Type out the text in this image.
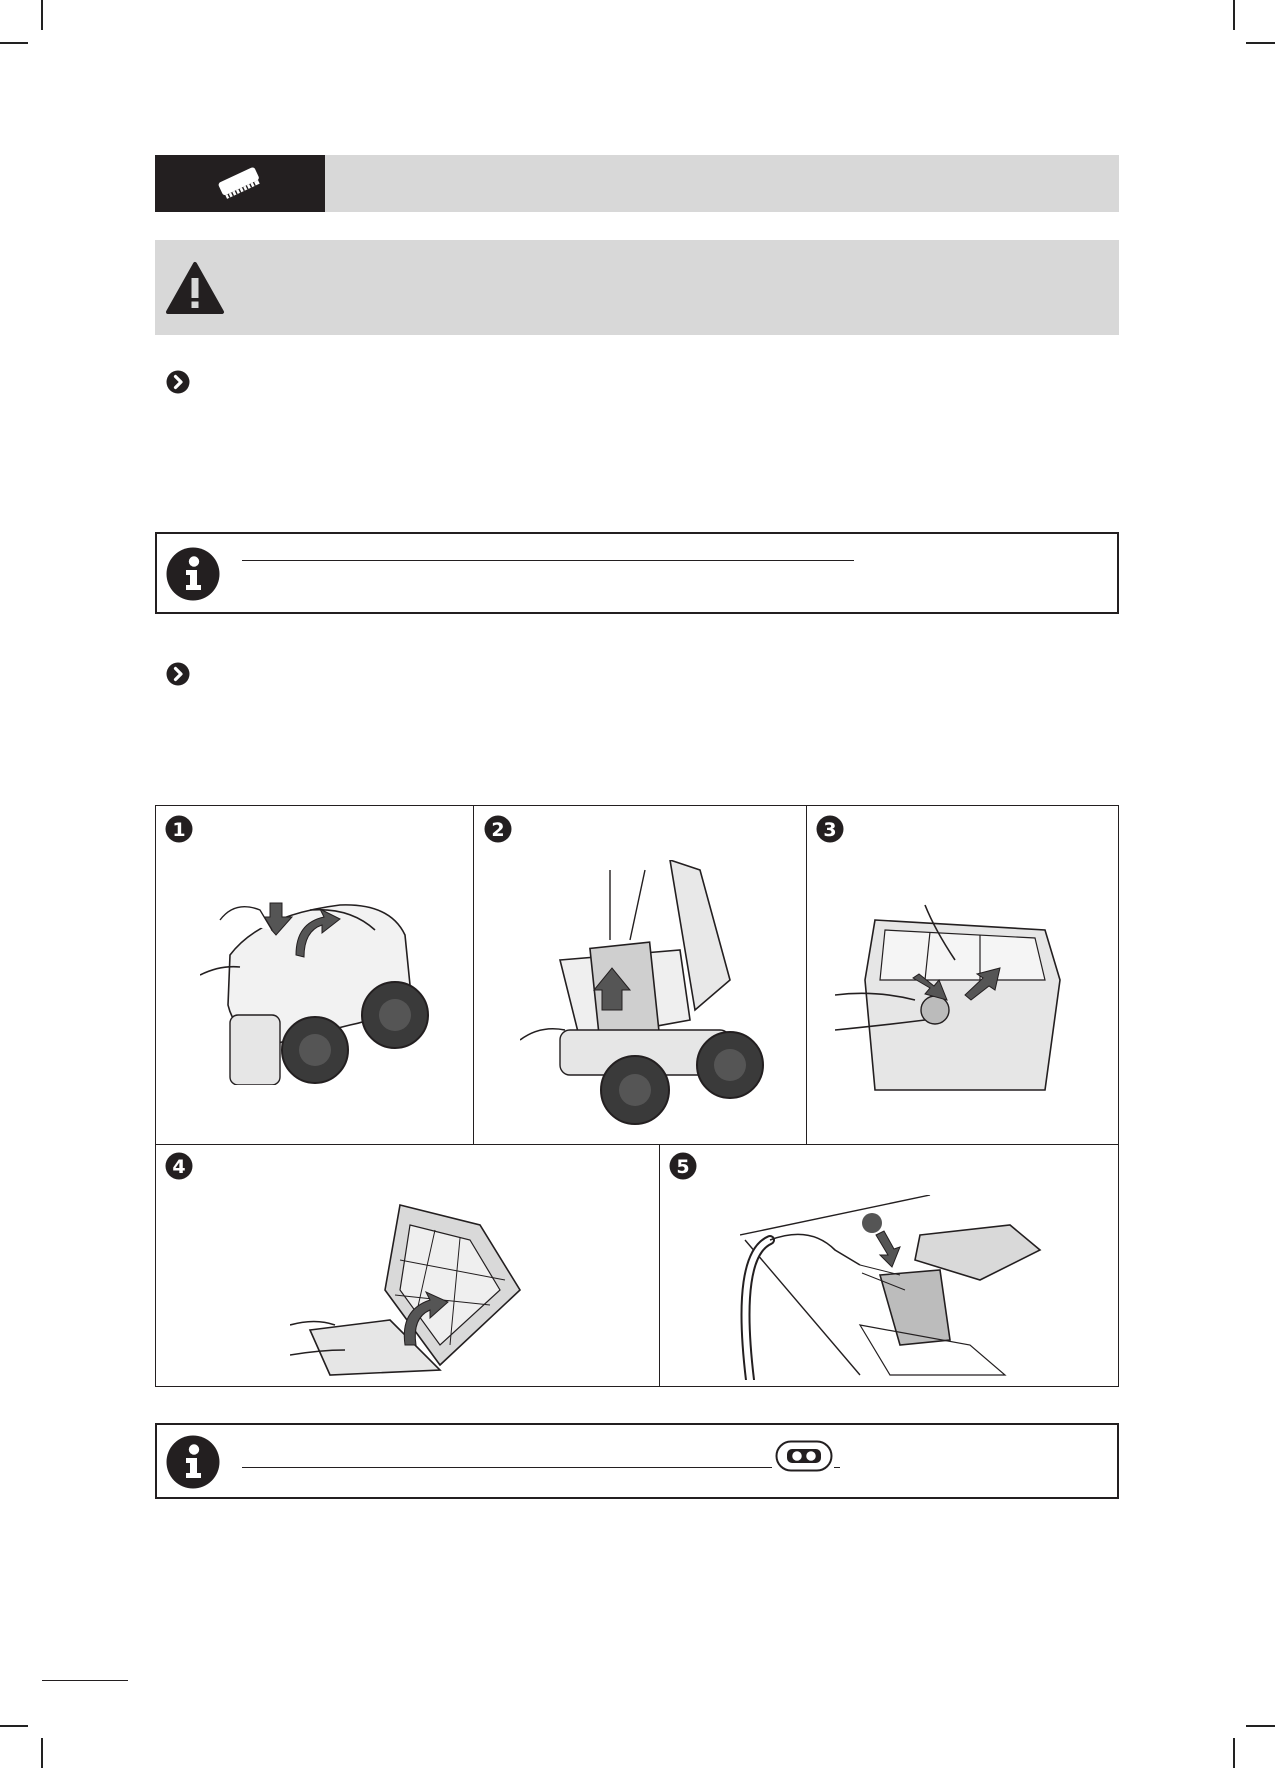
1	2	3
4	5
